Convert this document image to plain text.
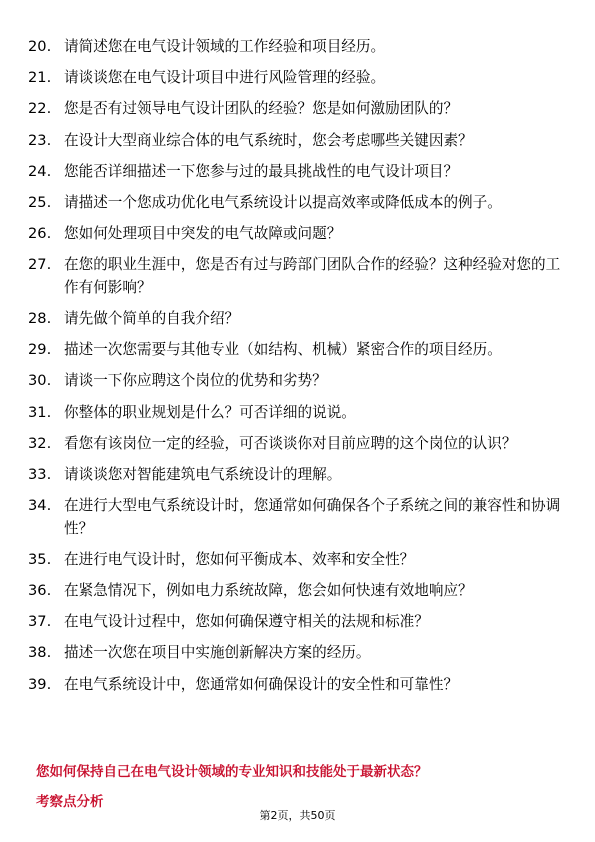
20. 请简述您在电气设计领域的工作经验和项目经历。
21. 请谈谈您在电气设计项目中进行风险管理的经验。
22. 您是否有过领导电气设计团队的经验？您是如何激励团队的？
23. 在设计大型商业综合体的电气系统时，您会考虑哪些关键因素？
24. 您能否详细描述一下您参与过的最具挑战性的电气设计项目？
25. 请描述一个您成功优化电气系统设计以提高效率或降低成本的例子。
26. 您如何处理项目中突发的电气故障或问题？
27. 在您的职业生涯中，您是否有过与跨部门团队合作的经验？这种经验对您的工作有何影响？
28. 请先做个简单的自我介绍？
29. 描述一次您需要与其他专业（如结构、机械）紧密合作的项目经历。
30. 请谈一下你应聘这个岗位的优势和劣势？
31. 你整体的职业规划是什么？可否详细的说说。
32. 看您有该岗位一定的经验，可否谈谈你对目前应聘的这个岗位的认识？
33. 请谈谈您对智能建筑电气系统设计的理解。
34. 在进行大型电气系统设计时，您通常如何确保各个子系统之间的兼容性和协调性？
35. 在进行电气设计时，您如何平衡成本、效率和安全性？
36. 在紧急情况下，例如电力系统故障，您会如何快速有效地响应？
37. 在电气设计过程中，您如何确保遵守相关的法规和标准？
38. 描述一次您在项目中实施创新解决方案的经历。
39. 在电气系统设计中，您通常如何确保设计的安全性和可靠性？
您如何保持自己在电气设计领域的专业知识和技能处于最新状态？
考察点分析
第2页，共50页
